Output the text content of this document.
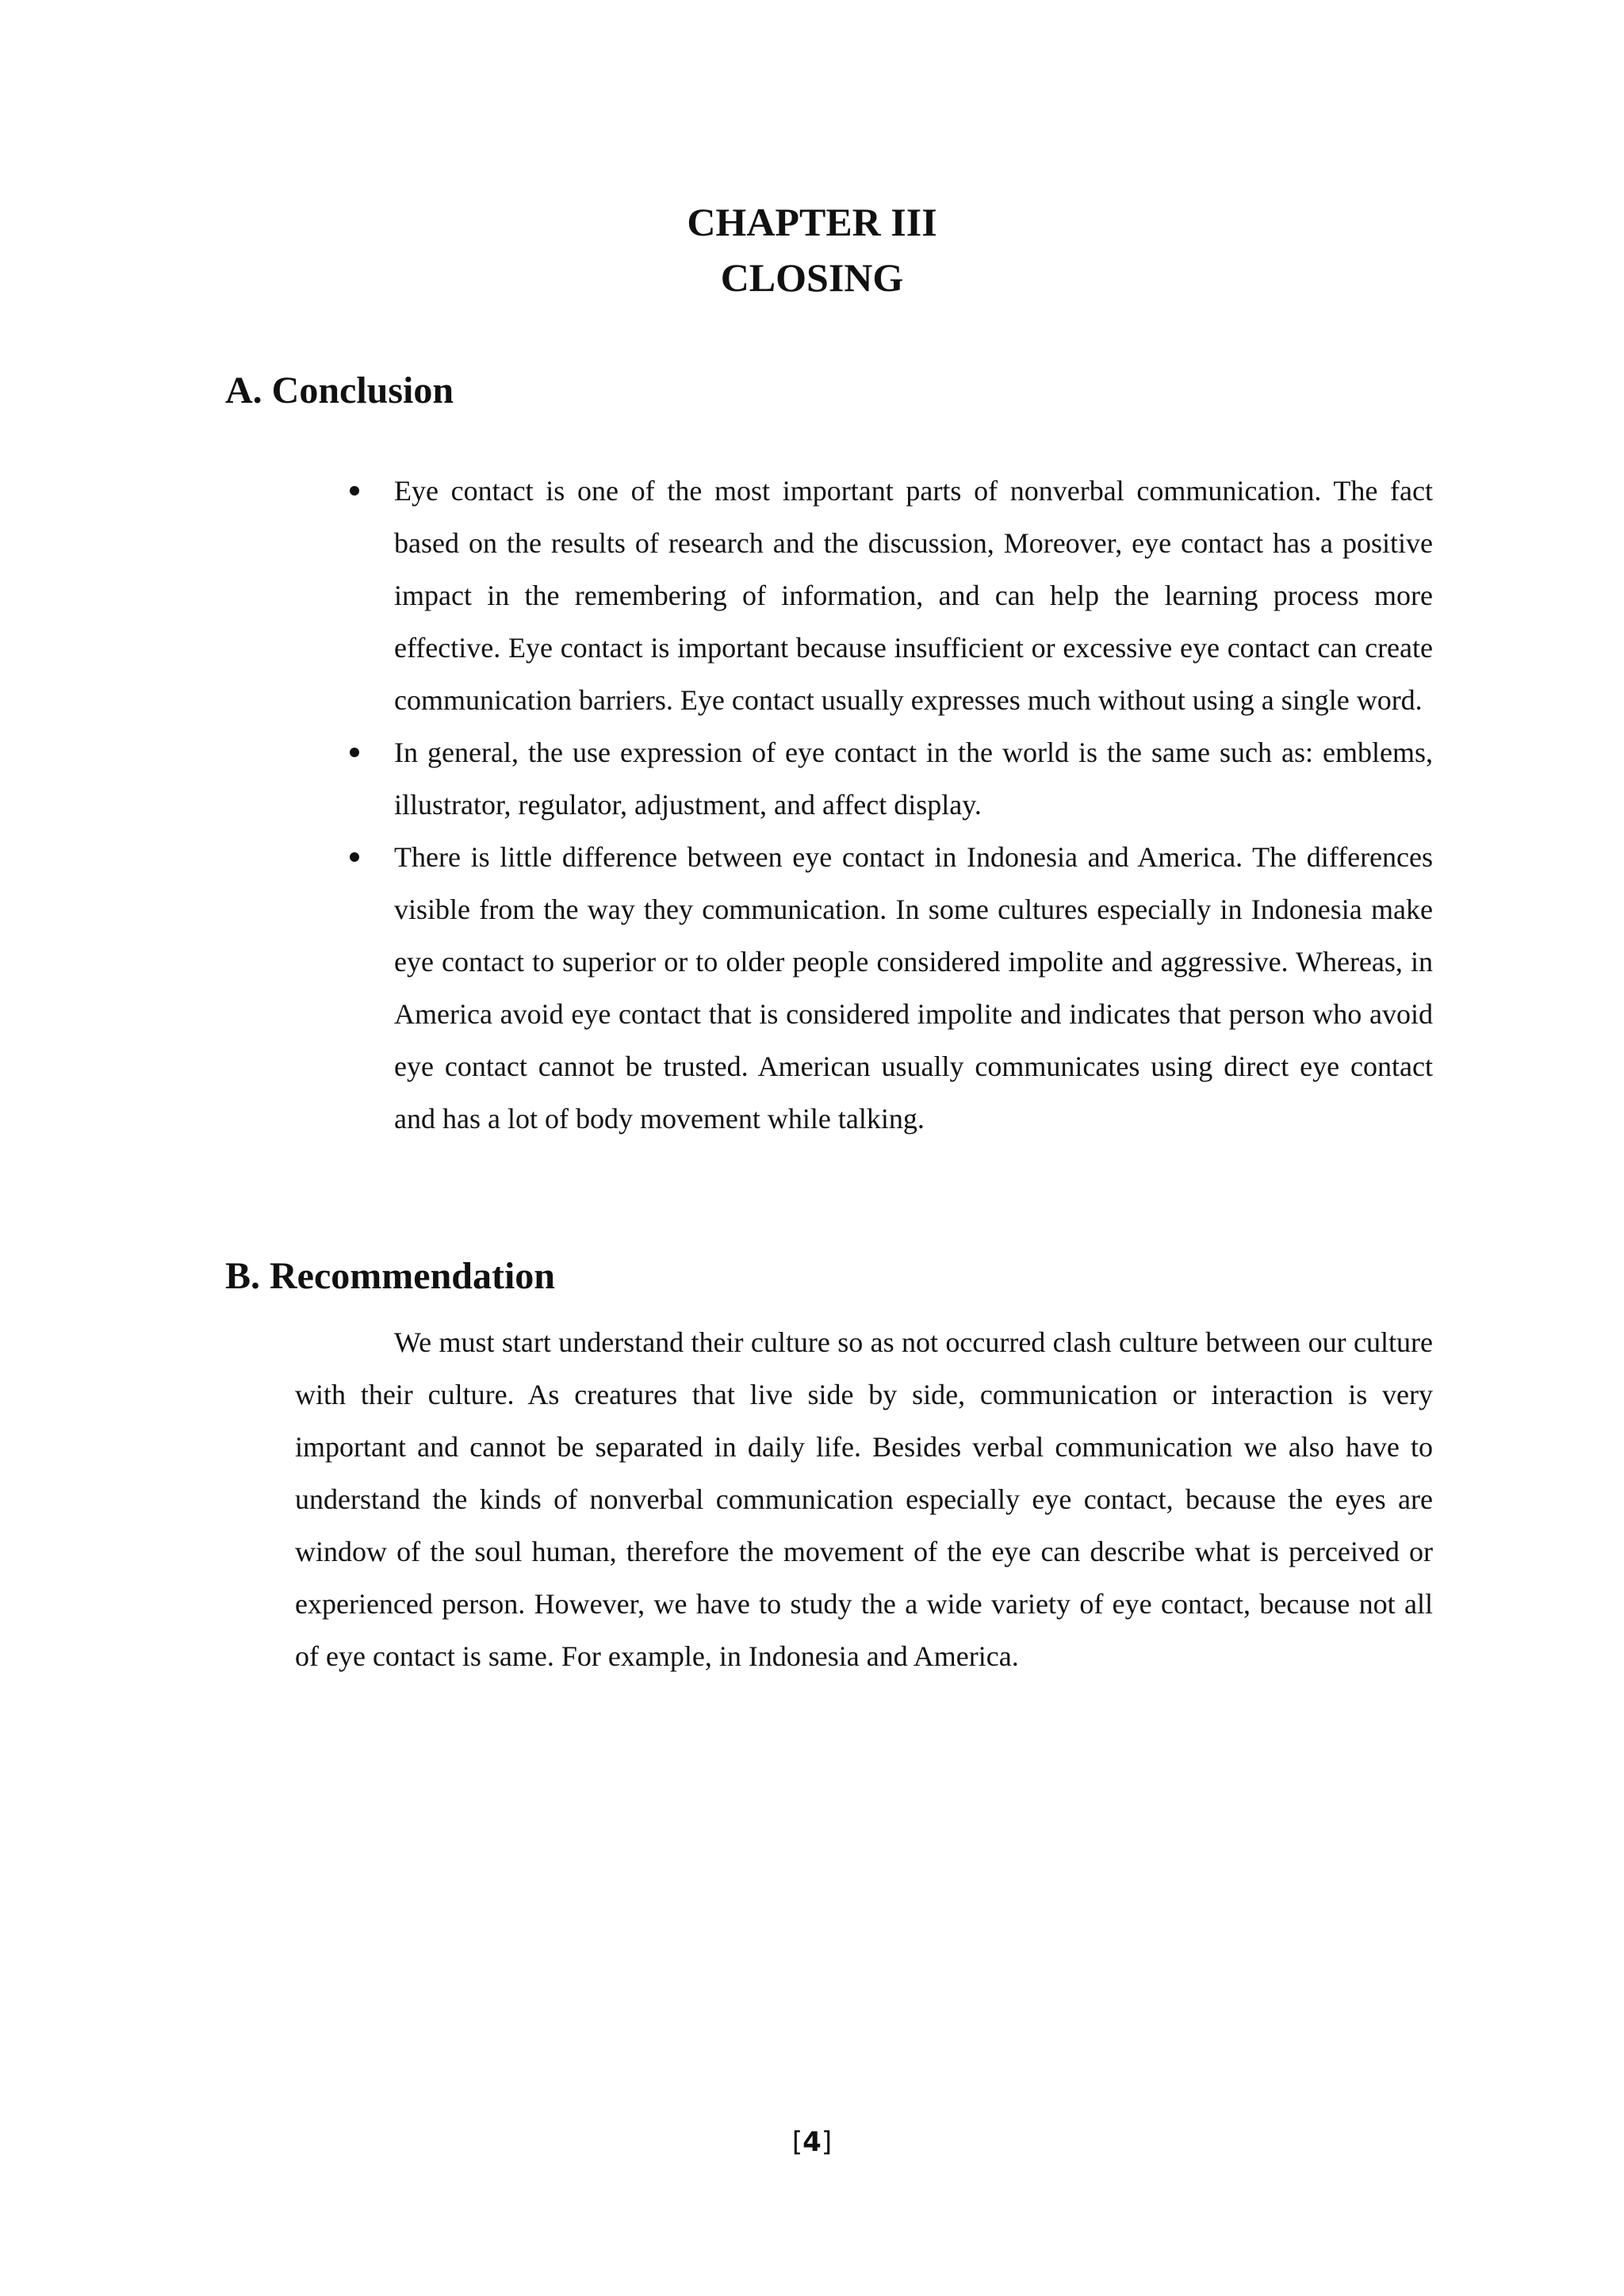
CHAPTER III
CLOSING
A. Conclusion
Eye contact is one of the most important parts of nonverbal communication. The fact based on the results of research and the discussion, Moreover, eye contact has a positive impact in the remembering of information, and can help the learning process more effective. Eye contact is important because insufficient or excessive eye contact can create communication barriers. Eye contact usually expresses much without using a single word.
In general, the use expression of eye contact in the world is the same such as: emblems, illustrator, regulator, adjustment, and affect display.
There is little difference between eye contact in Indonesia and America. The differences visible from the way they communication. In some cultures especially in Indonesia make eye contact to superior or to older people considered impolite and aggressive. Whereas, in America avoid eye contact that is considered impolite and indicates that person who avoid eye contact cannot be trusted. American usually communicates using direct eye contact and has a lot of body movement while talking.
B. Recommendation

We must start understand their culture so as not occurred clash culture between our culture with their culture. As creatures that live side by side, communication or interaction is very important and cannot be separated in daily life. Besides verbal communication we also have to understand the kinds of nonverbal communication especially eye contact, because the eyes are window of the soul human, therefore the movement of the eye can describe what is perceived or experienced person. However, we have to study the a wide variety of eye contact, because not all of eye contact is same. For example, in Indonesia and America.

[4]
